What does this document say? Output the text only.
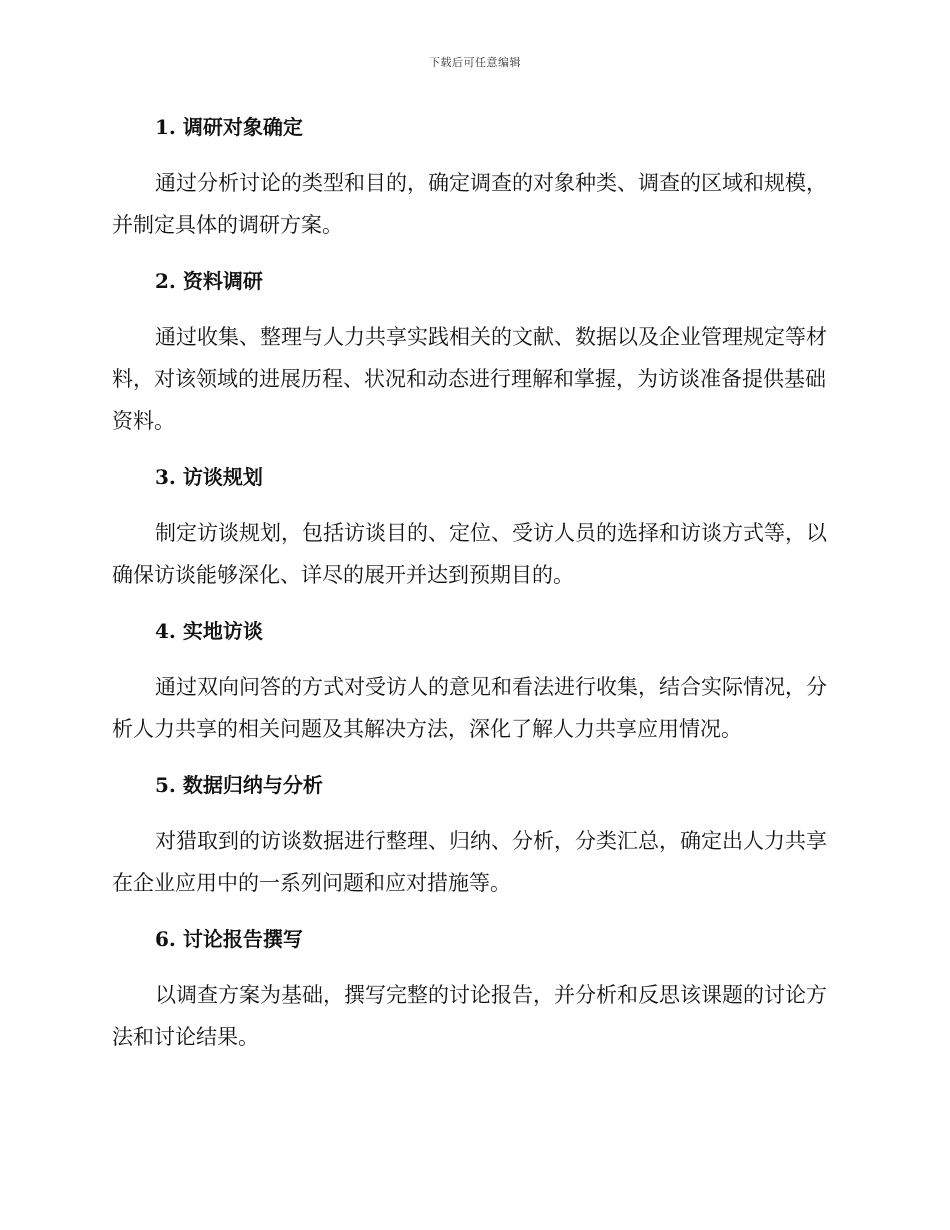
下载后可任意编辑
1. 调研对象确定

通过分析讨论的类型和目的，确定调查的对象种类、调查的区域和规模，并制定具体的调研方案。

2. 资料调研

通过收集、整理与人力共享实践相关的文献、数据以及企业管理规定等材料，对该领域的进展历程、状况和动态进行理解和掌握，为访谈准备提供基础资料。

3. 访谈规划

制定访谈规划，包括访谈目的、定位、受访人员的选择和访谈方式等，以确保访谈能够深化、详尽的展开并达到预期目的。

4. 实地访谈

通过双向问答的方式对受访人的意见和看法进行收集，结合实际情况，分析人力共享的相关问题及其解决方法，深化了解人力共享应用情况。

5. 数据归纳与分析

对猎取到的访谈数据进行整理、归纳、分析，分类汇总，确定出人力共享在企业应用中的一系列问题和应对措施等。

6. 讨论报告撰写

以调查方案为基础，撰写完整的讨论报告，并分析和反思该课题的讨论方法和讨论结果。
